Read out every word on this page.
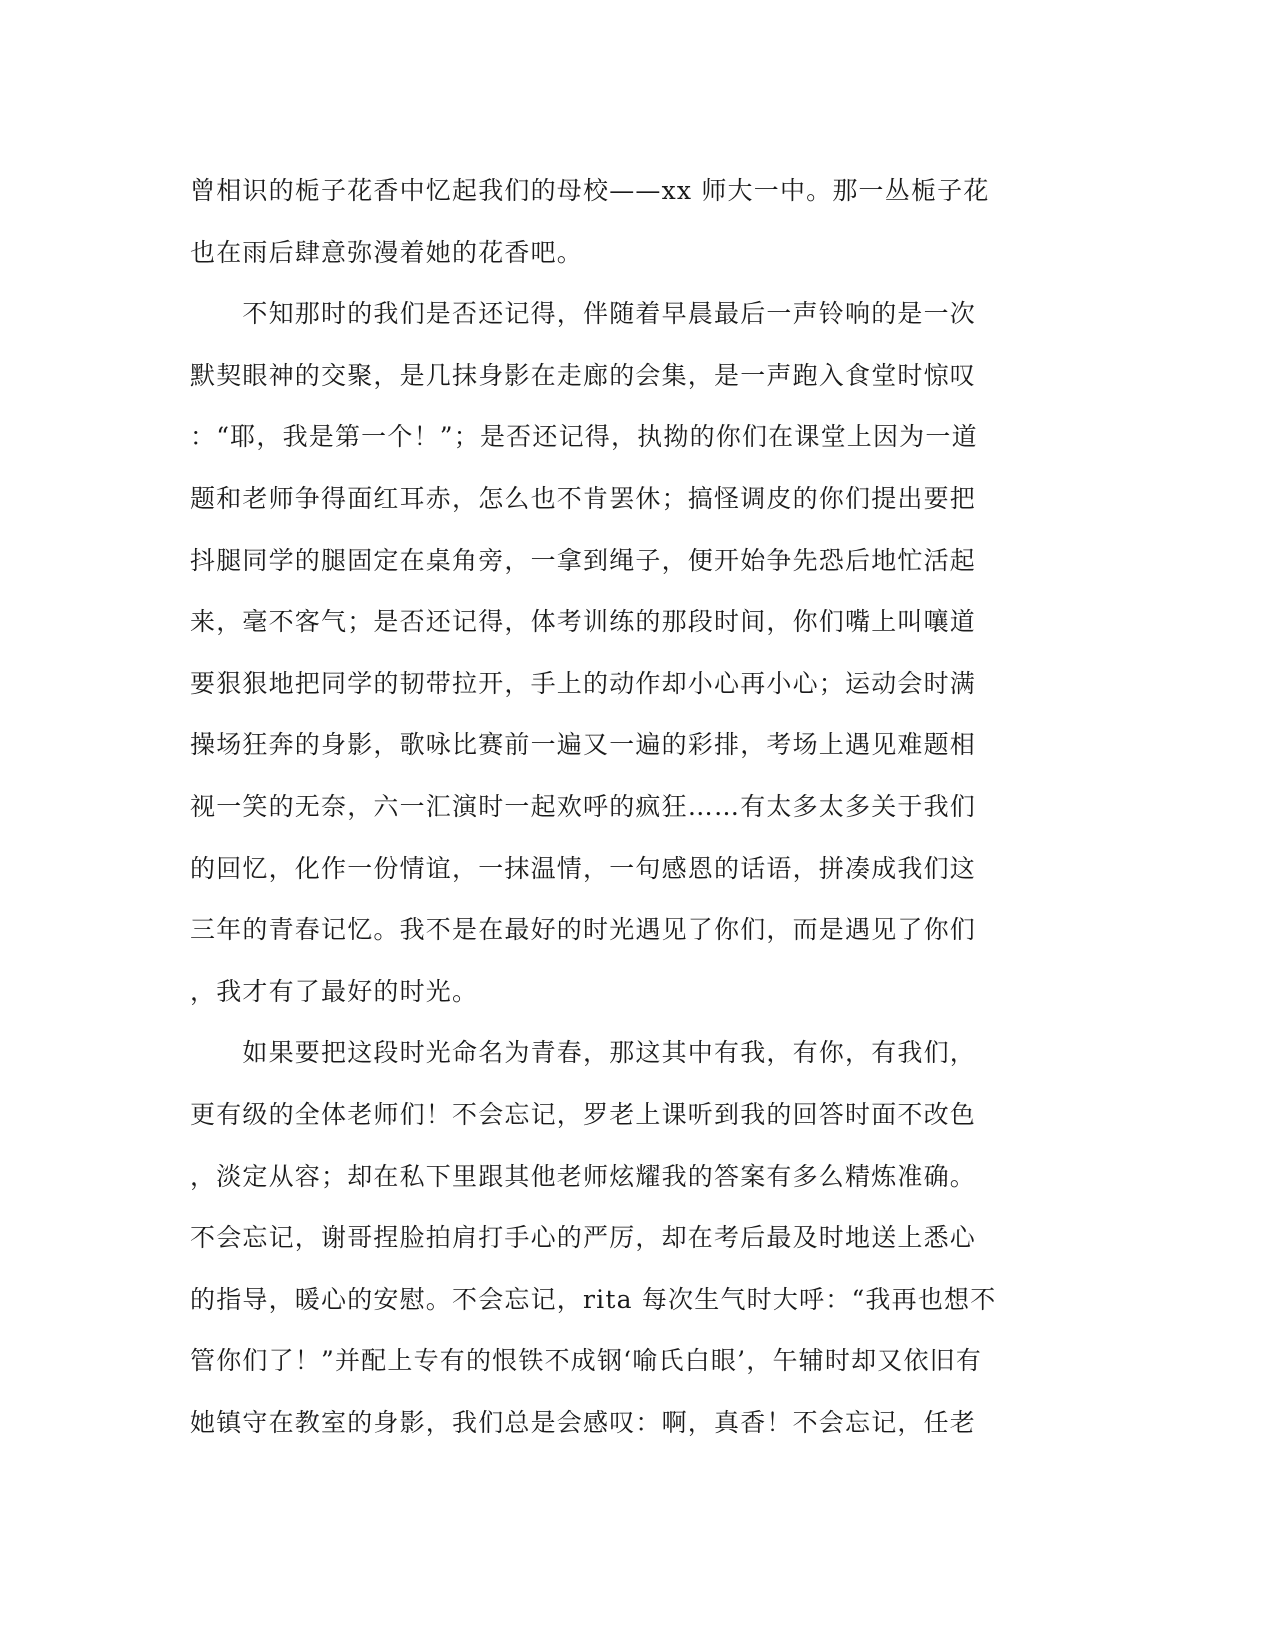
曾相识的栀子花香中忆起我们的母校——xx 师大一中。那一丛栀子花
也在雨后肆意弥漫着她的花香吧。
　　不知那时的我们是否还记得，伴随着早晨最后一声铃响的是一次
默契眼神的交聚，是几抹身影在走廊的会集，是一声跑入食堂时惊叹
：“耶，我是第一个！”；是否还记得，执拗的你们在课堂上因为一道
题和老师争得面红耳赤，怎么也不肯罢休；搞怪调皮的你们提出要把
抖腿同学的腿固定在桌角旁，一拿到绳子，便开始争先恐后地忙活起
来，毫不客气；是否还记得，体考训练的那段时间，你们嘴上叫嚷道
要狠狠地把同学的韧带拉开，手上的动作却小心再小心；运动会时满
操场狂奔的身影，歌咏比赛前一遍又一遍的彩排，考场上遇见难题相
视一笑的无奈，六一汇演时一起欢呼的疯狂……有太多太多关于我们
的回忆，化作一份情谊，一抹温情，一句感恩的话语，拼凑成我们这
三年的青春记忆。我不是在最好的时光遇见了你们，而是遇见了你们
，我才有了最好的时光。
　　如果要把这段时光命名为青春，那这其中有我，有你，有我们，
更有级的全体老师们！不会忘记，罗老上课听到我的回答时面不改色
，淡定从容；却在私下里跟其他老师炫耀我的答案有多么精炼准确。
不会忘记，谢哥捏脸拍肩打手心的严厉，却在考后最及时地送上悉心
的指导，暖心的安慰。不会忘记，rita 每次生气时大呼：“我再也想不
管你们了！”并配上专有的恨铁不成钢‘喻氏白眼’，午辅时却又依旧有
她镇守在教室的身影，我们总是会感叹：啊，真香！不会忘记，任老
